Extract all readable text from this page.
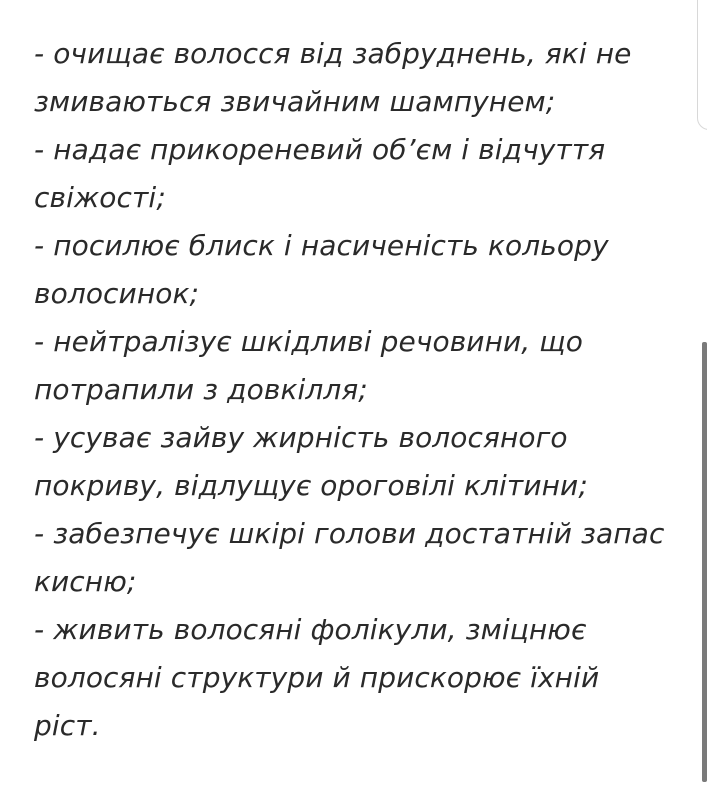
- очищає волосся від забруднень, які не
змиваються звичайним шампунем;
- надає прикореневий об’єм і відчуття
свіжості;
- посилює блиск і насиченість кольору
волосинок;
- нейтралізує шкідливі речовини, що
потрапили з довкілля;
- усуває зайву жирність волосяного
покриву, відлущує ороговілі клітини;
- забезпечує шкірі голови достатній запас
кисню;
- живить волосяні фолікули, зміцнює
волосяні структури й прискорює їхній
ріст.
